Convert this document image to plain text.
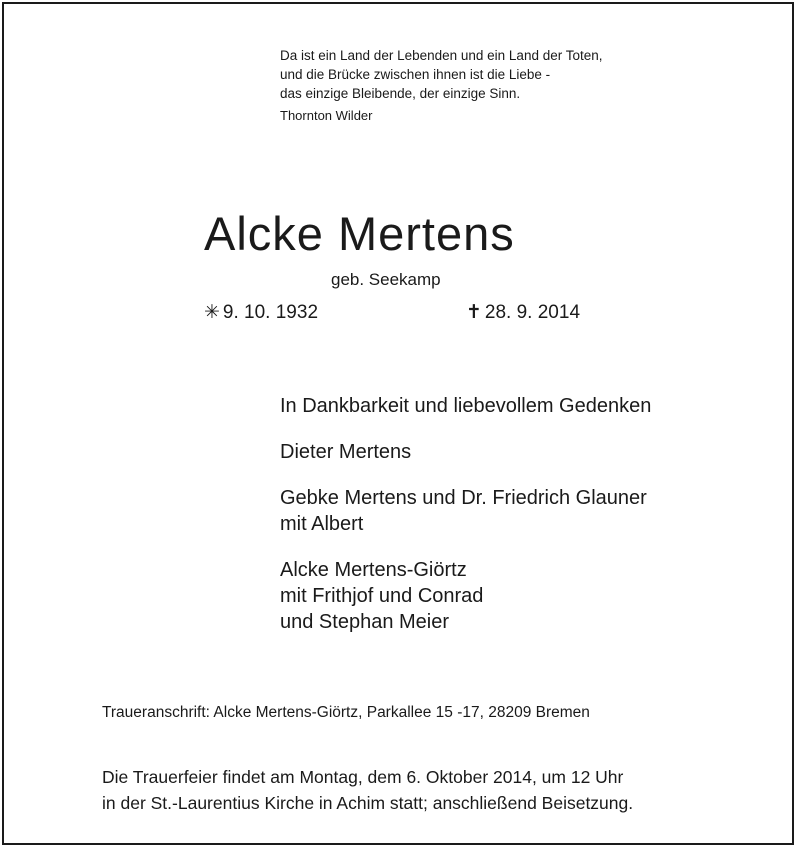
Da ist ein Land der Lebenden und ein Land der Toten,
und die Brücke zwischen ihnen ist die Liebe -
das einzige Bleibende, der einzige Sinn.
Thornton Wilder
Alcke Mertens
geb. Seekamp
✳ 9. 10. 1932	✝ 28. 9. 2014
In Dankbarkeit und liebevollem Gedenken
Dieter Mertens
Gebke Mertens und Dr. Friedrich Glauner
mit Albert
Alcke Mertens-Giörtz
mit Frithjof und Conrad
und Stephan Meier
Traueranschrift: Alcke Mertens-Giörtz, Parkallee 15 -17, 28209 Bremen
Die Trauerfeier findet am Montag, dem 6. Oktober 2014, um 12 Uhr
in der St.-Laurentius Kirche in Achim statt; anschließend Beisetzung.
